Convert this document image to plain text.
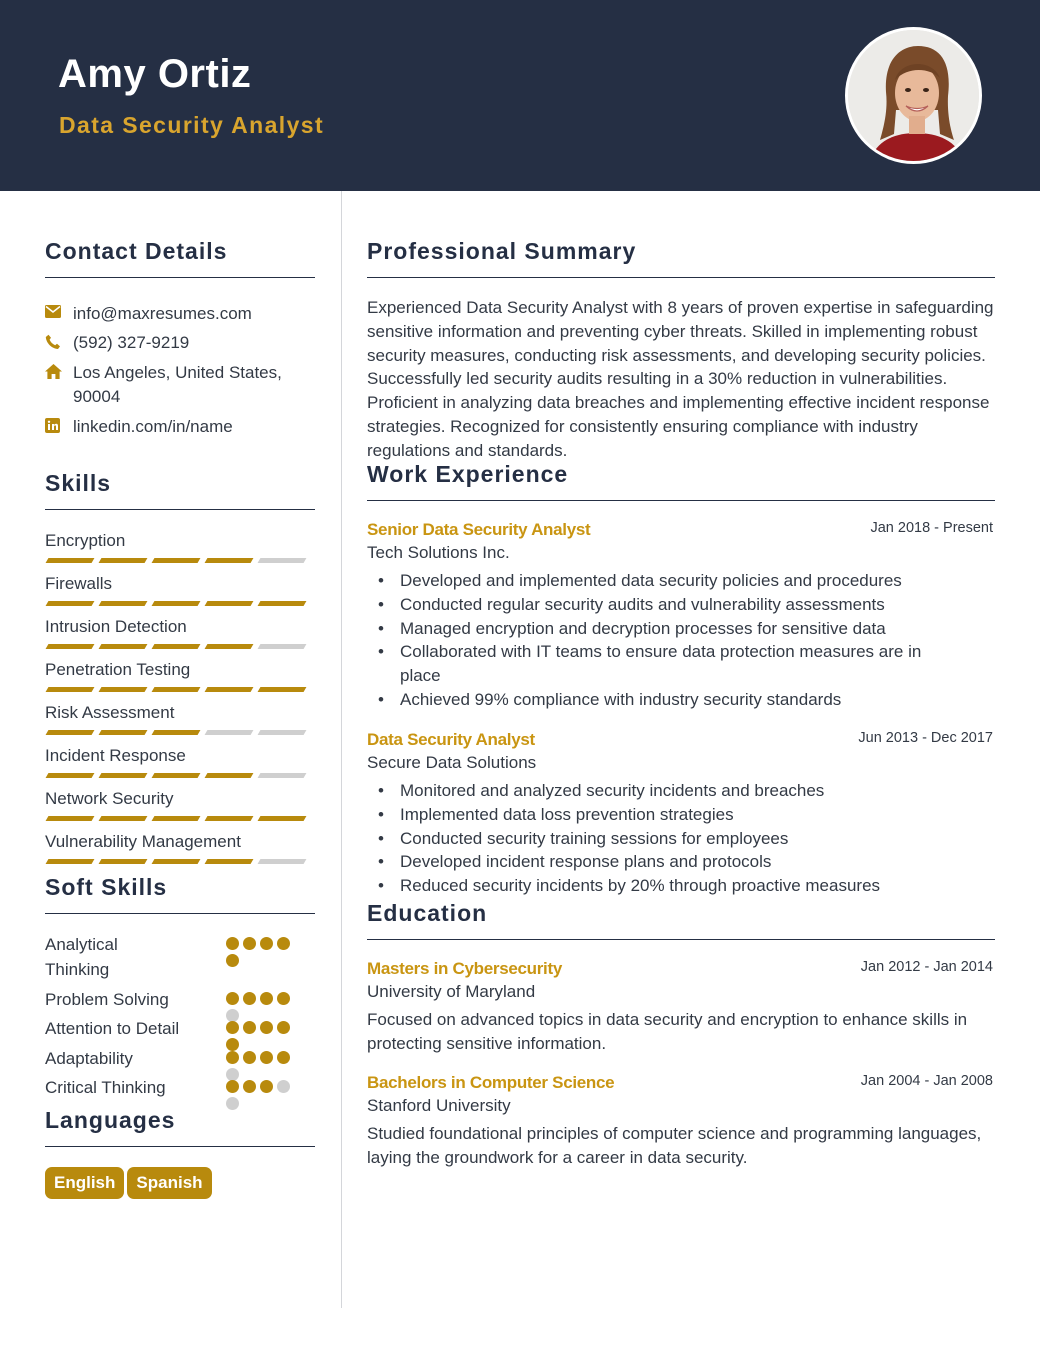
Amy Ortiz
Data Security Analyst
Contact Details
info@maxresumes.com
(592) 327-9219
Los Angeles, United States, 90004
linkedin.com/in/name
Skills
Encryption
Firewalls
Intrusion Detection
Penetration Testing
Risk Assessment
Incident Response
Network Security
Vulnerability Management
Soft Skills
Analytical Thinking
Problem Solving
Attention to Detail
Adaptability
Critical Thinking
Languages
English Spanish
Professional Summary
Experienced Data Security Analyst with 8 years of proven expertise in safeguarding sensitive information and preventing cyber threats. Skilled in implementing robust security measures, conducting risk assessments, and developing security policies. Successfully led security audits resulting in a 30% reduction in vulnerabilities. Proficient in analyzing data breaches and implementing effective incident response strategies. Recognized for consistently ensuring compliance with industry regulations and standards.
Work Experience
Senior Data Security Analyst	Jan 2018 - Present
Tech Solutions Inc.
• Developed and implemented data security policies and procedures
• Conducted regular security audits and vulnerability assessments
• Managed encryption and decryption processes for sensitive data
• Collaborated with IT teams to ensure data protection measures are in place
• Achieved 99% compliance with industry security standards
Data Security Analyst	Jun 2013 - Dec 2017
Secure Data Solutions
• Monitored and analyzed security incidents and breaches
• Implemented data loss prevention strategies
• Conducted security training sessions for employees
• Developed incident response plans and protocols
• Reduced security incidents by 20% through proactive measures
Education
Masters in Cybersecurity	Jan 2012 - Jan 2014
University of Maryland
Focused on advanced topics in data security and encryption to enhance skills in protecting sensitive information.
Bachelors in Computer Science	Jan 2004 - Jan 2008
Stanford University
Studied foundational principles of computer science and programming languages, laying the groundwork for a career in data security.
